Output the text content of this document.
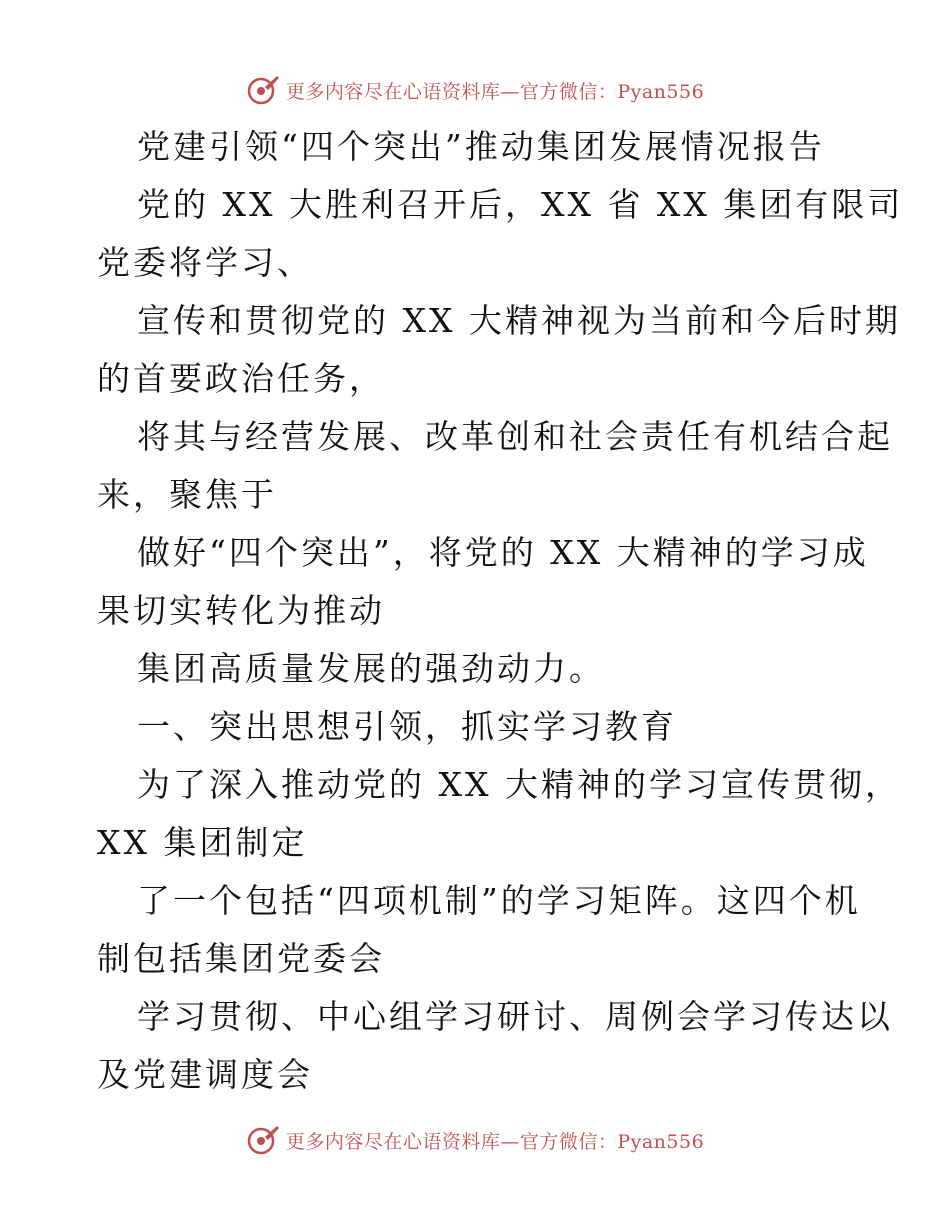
更多内容尽在心语资料库—官方微信：Pyan556
党建引领“四个突出”推动集团发展情况报告
党的 XX 大胜利召开后，XX 省 XX 集团有限司
党委将学习、
宣传和贯彻党的 XX 大精神视为当前和今后时期
的首要政治任务，
将其与经营发展、改革创和社会责任有机结合起
来，聚焦于
做好“四个突出”，将党的 XX 大精神的学习成
果切实转化为推动
集团高质量发展的强劲动力。
一、突出思想引领，抓实学习教育
为了深入推动党的 XX 大精神的学习宣传贯彻，
XX 集团制定
了一个包括“四项机制”的学习矩阵。这四个机
制包括集团党委会
学习贯彻、中心组学习研讨、周例会学习传达以
及党建调度会
更多内容尽在心语资料库—官方微信：Pyan556
